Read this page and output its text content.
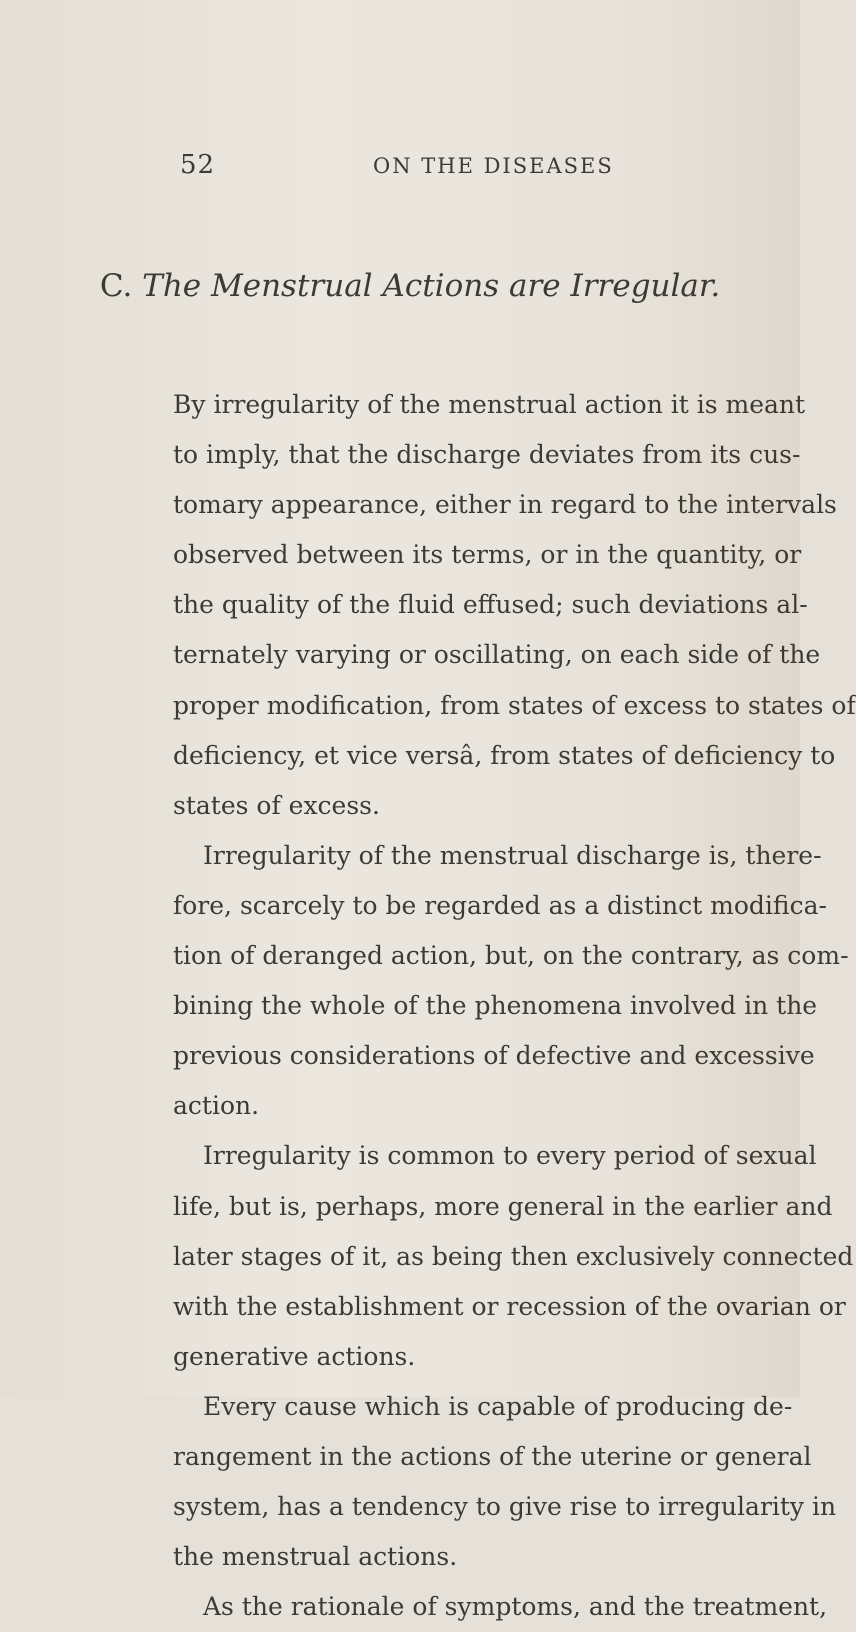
52	ON THE DISEASES
C. The Menstrual Actions are Irregular.
By irregularity of the menstrual action it is meant
to imply, that the discharge deviates from its cus-
tomary appearance, either in regard to the intervals
observed between its terms, or in the quantity, or
the quality of the fluid effused; such deviations al-
ternately varying or oscillating, on each side of the
proper modification, from states of excess to states of
deficiency, et vice versâ, from states of deficiency to
states of excess.
Irregularity of the menstrual discharge is, there-
fore, scarcely to be regarded as a distinct modifica-
tion of deranged action, but, on the contrary, as com-
bining the whole of the phenomena involved in the
previous considerations of defective and excessive
action.
Irregularity is common to every period of sexual
life, but is, perhaps, more general in the earlier and
later stages of it, as being then exclusively connected
with the establishment or recession of the ovarian or
generative actions.
Every cause which is capable of producing de-
rangement in the actions of the uterine or general
system, has a tendency to give rise to irregularity in
the menstrual actions.
As the rationale of symptoms, and the treatment,
